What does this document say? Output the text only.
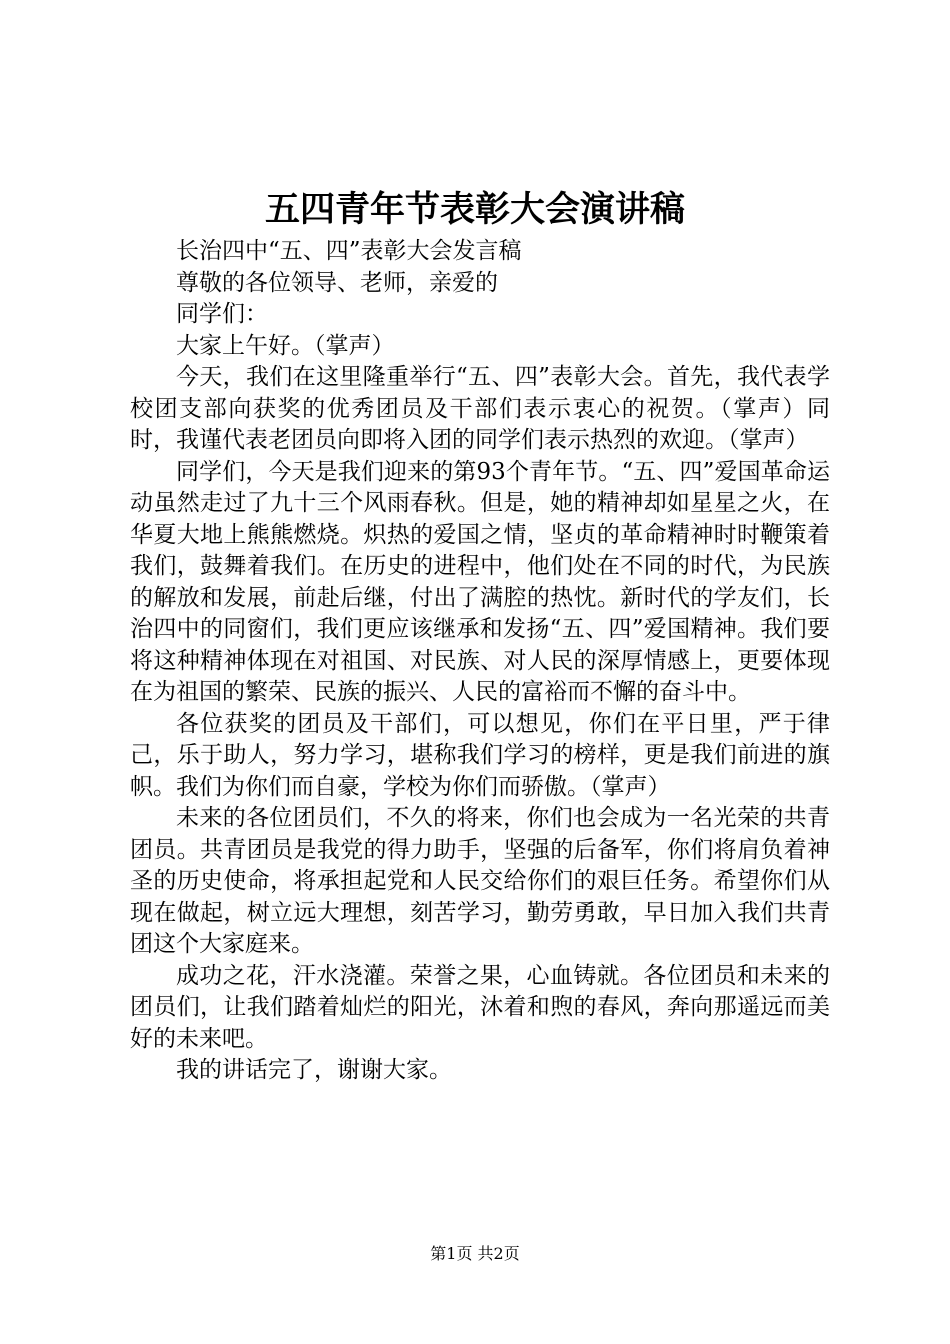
五四青年节表彰大会演讲稿

长治四中“五、四”表彰大会发言稿

尊敬的各位领导、老师，亲爱的

同学们：

大家上午好。（掌声）

今天，我们在这里隆重举行“五、四”表彰大会。首先，我代表学校团支部向获奖的优秀团员及干部们表示衷心的祝贺。（掌声）同时，我谨代表老团员向即将入团的同学们表示热烈的欢迎。（掌声）

同学们，今天是我们迎来的第93个青年节。“五、四”爱国革命运动虽然走过了九十三个风雨春秋。但是，她的精神却如星星之火，在华夏大地上熊熊燃烧。炽热的爱国之情，坚贞的革命精神时时鞭策着我们，鼓舞着我们。在历史的进程中，他们处在不同的时代，为民族的解放和发展，前赴后继，付出了满腔的热忱。新时代的学友们，长治四中的同窗们，我们更应该继承和发扬“五、四”爱国精神。我们要将这种精神体现在对祖国、对民族、对人民的深厚情感上，更要体现在为祖国的繁荣、民族的振兴、人民的富裕而不懈的奋斗中。

各位获奖的团员及干部们，可以想见，你们在平日里，严于律己，乐于助人，努力学习，堪称我们学习的榜样，更是我们前进的旗帜。我们为你们而自豪，学校为你们而骄傲。（掌声）

未来的各位团员们，不久的将来，你们也会成为一名光荣的共青团员。共青团员是我党的得力助手，坚强的后备军，你们将肩负着神圣的历史使命，将承担起党和人民交给你们的艰巨任务。希望你们从现在做起，树立远大理想，刻苦学习，勤劳勇敢，早日加入我们共青团这个大家庭来。

成功之花，汗水浇灌。荣誉之果，心血铸就。各位团员和未来的团员们，让我们踏着灿烂的阳光，沐着和煦的春风，奔向那遥远而美好的未来吧。

我的讲话完了，谢谢大家。

第1页 共2页
